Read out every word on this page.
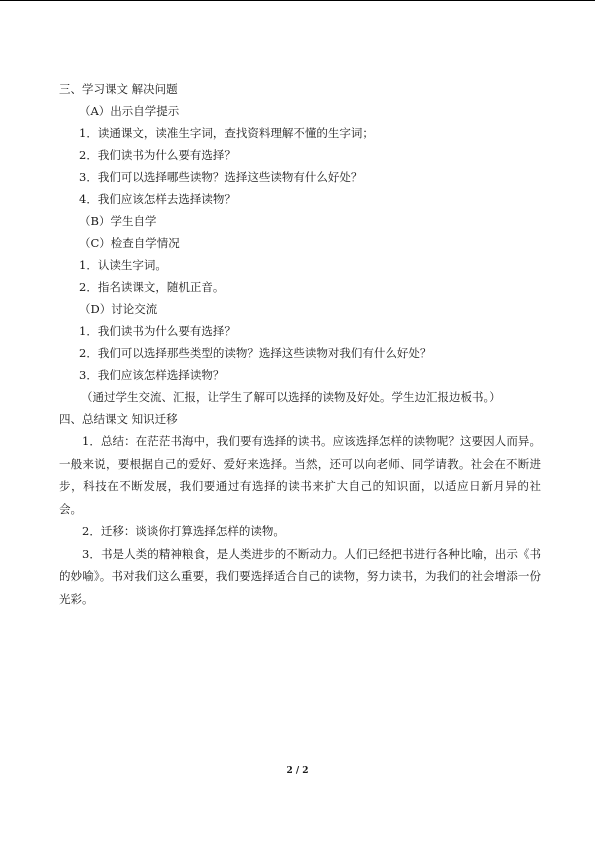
三、学习课文 解决问题
（A）出示自学提示
1．读通课文，读准生字词，查找资料理解不懂的生字词；
2．我们读书为什么要有选择？
3．我们可以选择哪些读物？选择这些读物有什么好处？
4．我们应该怎样去选择读物？
（B）学生自学
（C）检查自学情况
1．认读生字词。
2．指名读课文，随机正音。
（D）讨论交流
1．我们读书为什么要有选择？
2．我们可以选择那些类型的读物？选择这些读物对我们有什么好处？
3．我们应该怎样选择读物？
（通过学生交流、汇报，让学生了解可以选择的读物及好处。学生边汇报边板书。）
四、总结课文 知识迁移
1．总结：在茫茫书海中，我们要有选择的读书。应该选择怎样的读物呢？这要因人而异。一般来说，要根据自己的爱好、爱好来选择。当然，还可以向老师、同学请教。社会在不断进步，科技在不断发展，我们要通过有选择的读书来扩大自己的知识面，以适应日新月异的社会。
2．迁移：谈谈你打算选择怎样的读物。
3．书是人类的精神粮食，是人类进步的不断动力。人们已经把书进行各种比喻，出示《书的妙喻》。书对我们这么重要，我们要选择适合自己的读物，努力读书，为我们的社会增添一份光彩。
2 / 2
